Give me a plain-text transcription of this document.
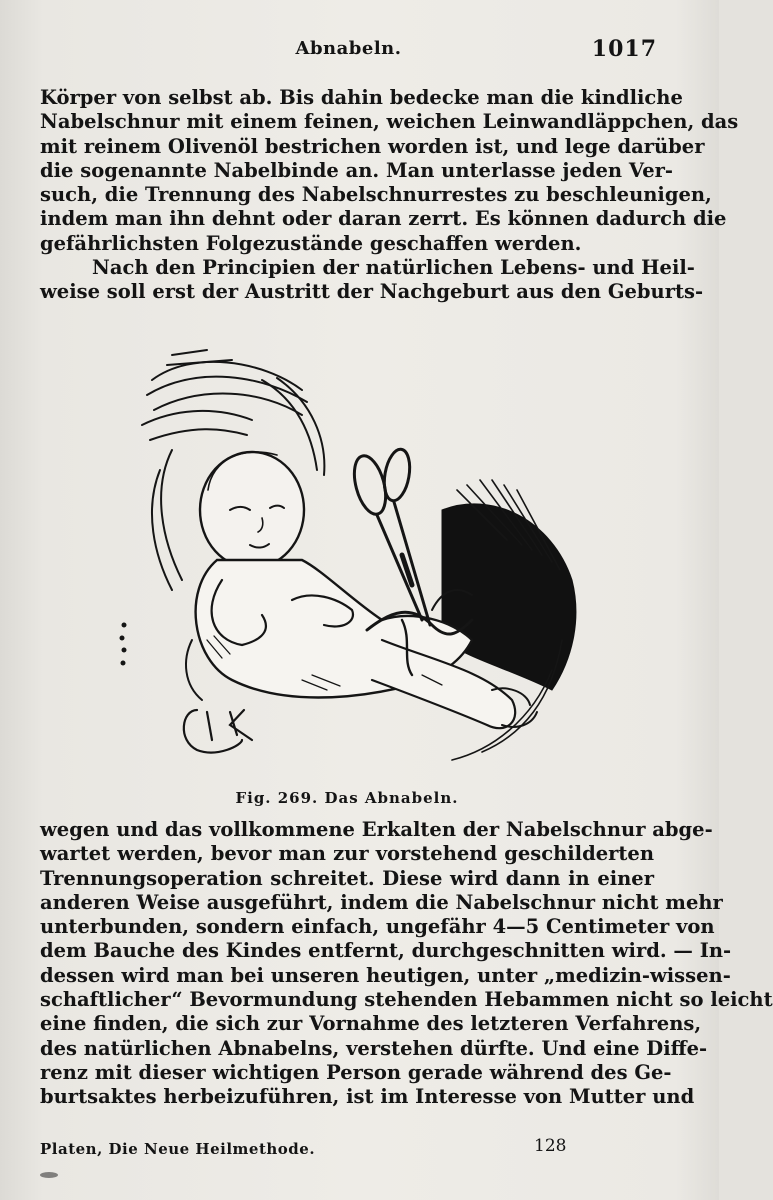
Abnabeln.	1017
Körper von selbst ab. Bis dahin bedecke man die kindliche
Nabelschnur mit einem feinen, weichen Leinwandläppchen, das
mit reinem Olivenöl bestrichen worden ist, und lege darüber
die sogenannte Nabelbinde an. Man unterlasse jeden Ver-
such, die Trennung des Nabelschnurrestes zu beschleunigen,
indem man ihn dehnt oder daran zerrt. Es können dadurch die
gefährlichsten Folgezustände geschaffen werden.
Nach den Principien der natürlichen Lebens- und Heil-
weise soll erst der Austritt der Nachgeburt aus den Geburts-
Fig. 269. Das Abnabeln.
wegen und das vollkommene Erkalten der Nabelschnur abge-
wartet werden, bevor man zur vorstehend geschilderten
Trennungsoperation schreitet. Diese wird dann in einer
anderen Weise ausgeführt, indem die Nabelschnur nicht mehr
unterbunden, sondern einfach, ungefähr 4—5 Centimeter von
dem Bauche des Kindes entfernt, durchgeschnitten wird. — In-
dessen wird man bei unseren heutigen, unter „medizin-wissen-
schaftlicher“ Bevormundung stehenden Hebammen nicht so leicht
eine finden, die sich zur Vornahme des letzteren Verfahrens,
des natürlichen Abnabelns, verstehen dürfte. Und eine Diffe-
renz mit dieser wichtigen Person gerade während des Ge-
burtsaktes herbeizuführen, ist im Interesse von Mutter und
Platen, Die Neue Heilmethode.	128
